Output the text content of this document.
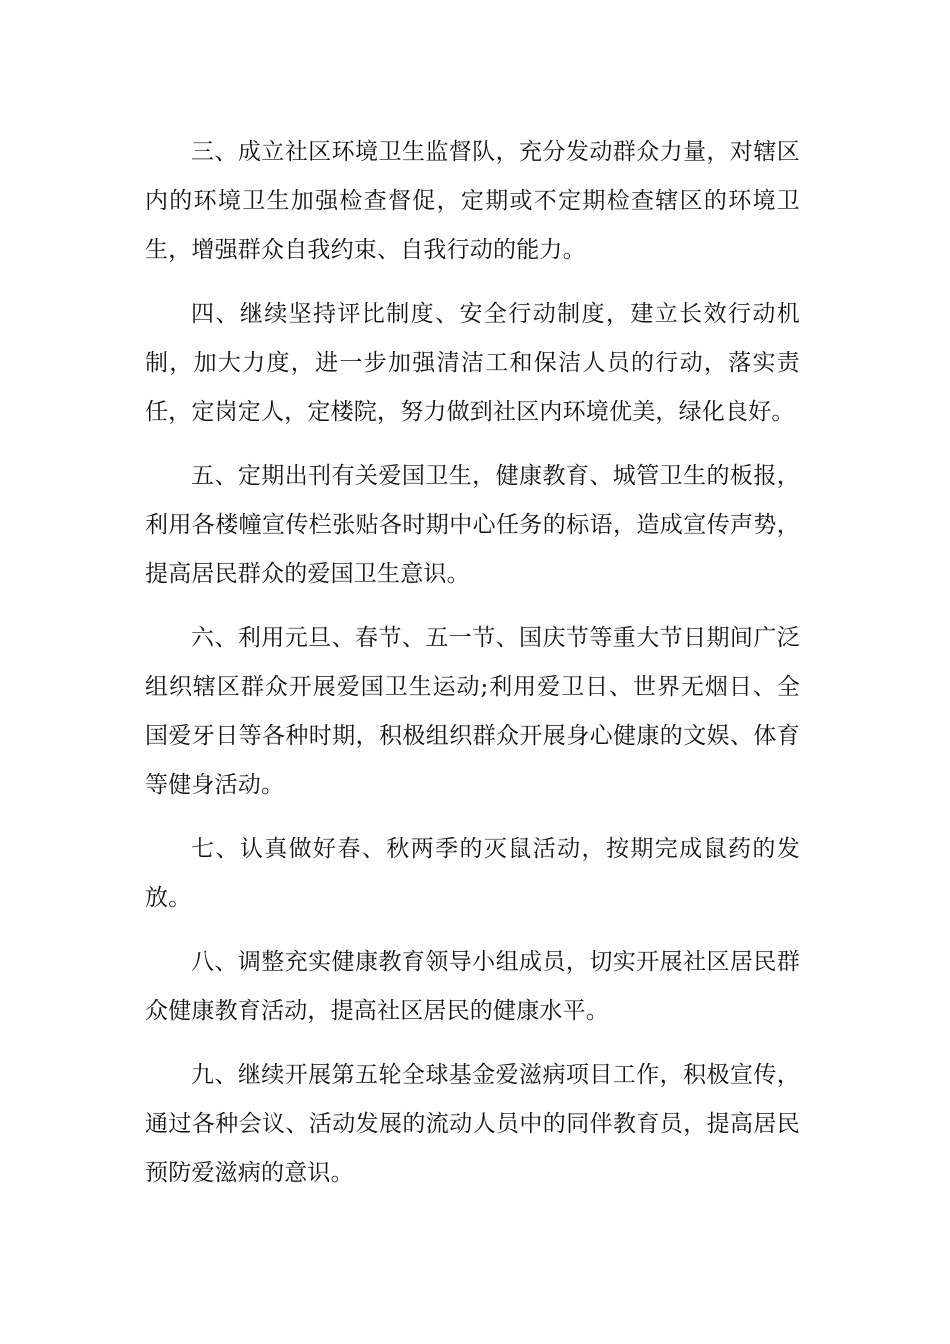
三、成立社区环境卫生监督队，充分发动群众力量，对辖区内的环境卫生加强检查督促，定期或不定期检查辖区的环境卫生，增强群众自我约束、自我行动的能力。

四、继续坚持评比制度、安全行动制度，建立长效行动机制，加大力度，进一步加强清洁工和保洁人员的行动，落实责任，定岗定人，定楼院，努力做到社区内环境优美，绿化良好。

五、定期出刊有关爱国卫生，健康教育、城管卫生的板报，利用各楼幢宣传栏张贴各时期中心任务的标语，造成宣传声势，提高居民群众的爱国卫生意识。

六、利用元旦、春节、五一节、国庆节等重大节日期间广泛组织辖区群众开展爱国卫生运动;利用爱卫日、世界无烟日、全国爱牙日等各种时期，积极组织群众开展身心健康的文娱、体育等健身活动。

七、认真做好春、秋两季的灭鼠活动，按期完成鼠药的发放。

八、调整充实健康教育领导小组成员，切实开展社区居民群众健康教育活动，提高社区居民的健康水平。

九、继续开展第五轮全球基金爱滋病项目工作，积极宣传，通过各种会议、活动发展的流动人员中的同伴教育员，提高居民预防爱滋病的意识。
